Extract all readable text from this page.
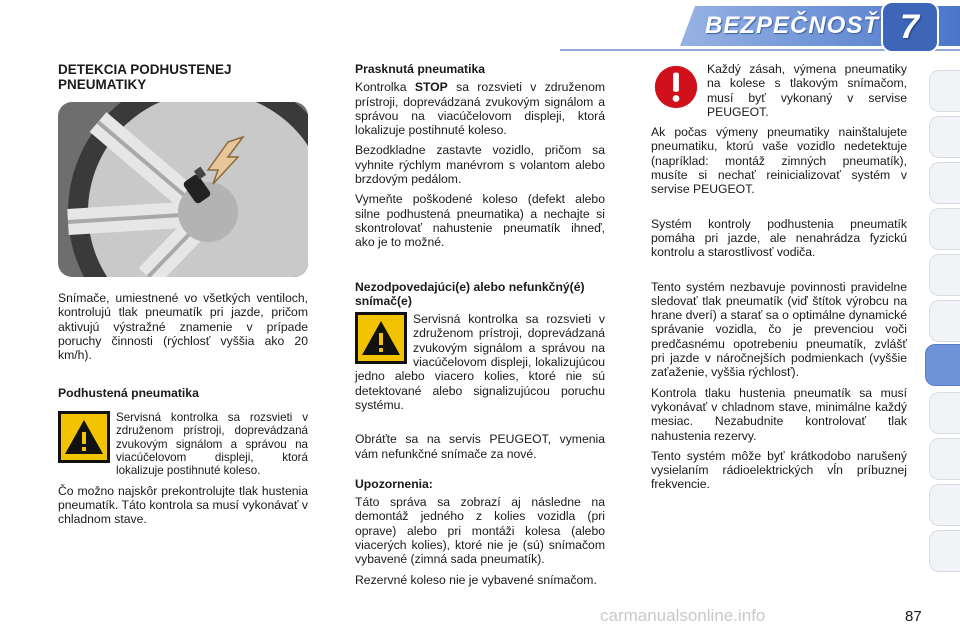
BEZPEČNOSŤ 7
DETEKCIA PODHUSTENEJ PNEUMATIKY

Snímače, umiestnené vo všetkých ventiloch, kontrolujú tlak pneumatík pri jazde, pričom aktivujú výstražné znamenie v prípade poruchy činnosti (rýchlosť vyššia ako 20 km/h).

Podhustená pneumatika

Servisná kontrolka sa rozsvieti v združenom prístroji, doprevádzaná zvukovým signálom a správou na viacúčelovom displeji, ktorá lokalizuje postihnuté koleso.

Čo možno najskôr prekontrolujte tlak hustenia pneumatík. Táto kontrola sa musí vykonávať v chladnom stave.

Prasknutá pneumatika

Kontrolka STOP sa rozsvieti v združenom prístroji, doprevádzaná zvukovým signálom a správou na viacúčelovom displeji, ktorá lokalizuje postihnuté koleso.

Bezodkladne zastavte vozidlo, pričom sa vyhnite rýchlym manévrom s volantom alebo brzdovým pedálom.

Vymeňte poškodené koleso (defekt alebo silne podhustená pneumatika) a nechajte si skontrolovať nahustenie pneumatík ihneď, ako je to možné.

Nezodpovedajúci(e) alebo nefunkčný(é) snímač(e)

Servisná kontrolka sa rozsvieti v združenom prístroji, doprevádzaná zvukovým signálom a správou na viacúčelovom displeji, lokalizujúcou jedno alebo viacero kolies, ktoré nie sú detektované alebo signalizujúcou poruchu systému.

Obráťte sa na servis PEUGEOT, vymenia vám nefunkčné snímače za nové.

Upozornenia:

Táto správa sa zobrazí aj následne na demontáž jedného z kolies vozidla (pri oprave) alebo pri montáži kolesa (alebo viacerých kolies), ktoré nie je (sú) snímačom vybavené (zimná sada pneumatík).

Rezervné koleso nie je vybavené snímačom.

Každý zásah, výmena pneumatiky na kolese s tlakovým snímačom, musí byť vykonaný v servise PEUGEOT.

Ak počas výmeny pneumatiky nainštalujete pneumatiku, ktorú vaše vozidlo nedetektuje (napríklad: montáž zimných pneumatík), musíte si nechať reinicializovať systém v servise PEUGEOT.

Systém kontroly podhustenia pneumatík pomáha pri jazde, ale nenahrádza fyzickú kontrolu a starostlivosť vodiča.

Tento systém nezbavuje povinnosti pravidelne sledovať tlak pneumatík (viď štítok výrobcu na hrane dverí) a starať sa o optimálne dynamické správanie vozidla, čo je prevenciou voči predčasnému opotrebeniu pneumatík, zvlášť pri jazde v náročnejších podmienkach (vyššie zaťaženie, vyššia rýchlosť).

Kontrola tlaku hustenia pneumatík sa musí vykonávať v chladnom stave, minimálne každý mesiac. Nezabudnite kontrolovať tlak nahustenia rezervy.

Tento systém môže byť krátkodobo narušený vysielaním rádioelektrických vĺn príbuznej frekvencie.

carmanualsonline.info	87
